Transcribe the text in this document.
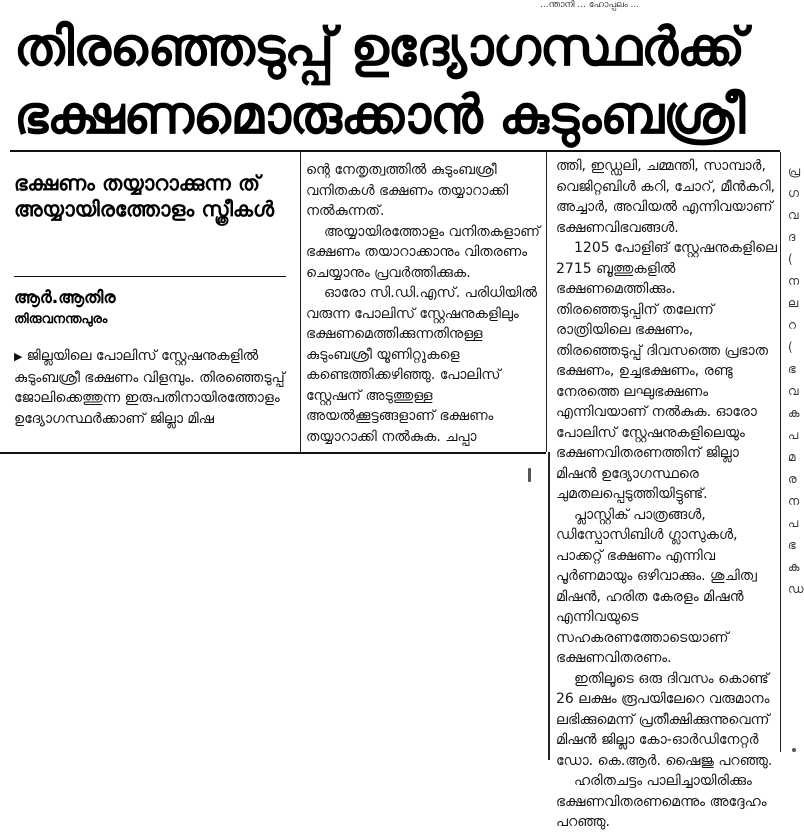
...ന്താനി ... ഹോപ്പലം ...
തിരഞ്ഞെടുപ്പ് ഉദ്യോഗസ്ഥർക്ക്
ഭക്ഷണമൊരുക്കാൻ കുടുംബശ്രീ
ഭക്ഷണം തയ്യാറാക്കുന്ന ത് അയ്യായിരത്തോളം സ്ത്രീകൾ
ആർ.ആതിര
തിരുവനന്തപുരം
▶ ജില്ലയിലെ പോലിസ് സ്റ്റേഷനുകളിൽ കുടുംബശ്രീ ഭക്ഷണം വിളമ്പും. തിരഞ്ഞെടുപ്പ് ജോലിക്കെത്തുന്ന ഇരുപതിനായിരത്തോളം ഉദ്യോഗസ്ഥർക്കാണ് ജില്ലാ മിഷ

ന്റെ നേതൃത്വത്തിൽ കുടുംബശ്രീ വനിതകൾ ഭക്ഷണം തയ്യാറാക്കി നൽകുന്നത്.

അയ്യായിരത്തോളം വനിതകളാണ് ഭക്ഷണം തയാറാക്കാനും വിതരണം ചെയ്യാനും പ്രവർത്തിക്കുക.

ഓരോ സി.ഡി.എസ്. പരിധിയിൽ വരുന്ന പോലിസ് സ്റ്റേഷനുകളിലും ഭക്ഷണമെത്തിക്കുന്നതിനുള്ള കുടുംബശ്രീ യൂണിറ്റുകളെ കണ്ടെത്തിക്കഴിഞ്ഞു. പോലിസ് സ്റ്റേഷന് അടുത്തുള്ള അയൽക്കൂട്ടങ്ങളാണ് ഭക്ഷണം തയ്യാറാക്കി നൽകുക. ചപ്പാ

ത്തി, ഇഡ്ഡലി, ചമ്മന്തി, സാമ്പാർ, വെജിറ്റബിൾ കറി, ചോറ്, മീൻകറി, അച്ചാർ, അവിയൽ എന്നിവയാണ് ഭക്ഷണവിഭവങ്ങൾ.

1205 പോളിങ് സ്റ്റേഷനുകളിലെ 2715 ബൂത്തുകളിൽ ഭക്ഷണമെത്തിക്കും. തിരഞ്ഞെടുപ്പിന് തലേന്ന് രാത്രിയിലെ ഭക്ഷണം, തിരഞ്ഞെടുപ്പ് ദിവസത്തെ പ്രഭാത ഭക്ഷണം, ഉച്ചഭക്ഷണം, രണ്ടു നേരത്തെ ലഘുഭക്ഷണം എന്നിവയാണ് നൽകുക. ഓരോ പോലിസ് സ്റ്റേഷനുകളിലെയും ഭക്ഷണവിതരണത്തിന് ജില്ലാ മിഷൻ ഉദ്യോഗസ്ഥരെ ചുമതലപ്പെടുത്തിയിട്ടുണ്ട്.

പ്ലാസ്റ്റിക് പാത്രങ്ങൾ, ഡിസ്പോസിബിൾ ഗ്ലാസുകൾ, പാക്കറ്റ് ഭക്ഷണം എന്നിവ പൂർണമായും ഒഴിവാക്കും. ശുചിത്വ മിഷൻ, ഹരിത കേരളം മിഷൻ എന്നിവയുടെ സഹകരണത്തോടെയാണ് ഭക്ഷണവിതരണം.

ഇതിലൂടെ ഒരു ദിവസം കൊണ്ട് 26 ലക്ഷം രൂപയിലേറെ വരുമാനം ലഭിക്കുമെന്ന് പ്രതീക്ഷിക്കുന്നുവെന്ന് മിഷൻ ജില്ലാ കോ-ഓർഡിനേറ്റർ ഡോ. കെ.ആർ. ഷൈജു പറഞ്ഞു.

ഹരിതചട്ടം പാലിച്ചായിരിക്കും ഭക്ഷണവിതരണമെന്നും അദ്ദേഹം പറഞ്ഞു.

പ്ര
ഗ
വ
ദ
(
ന
ല
റ
(
ഭ
വ
ക
പ
മ
ര
ന
പ
ഭ
ക
ഡ
